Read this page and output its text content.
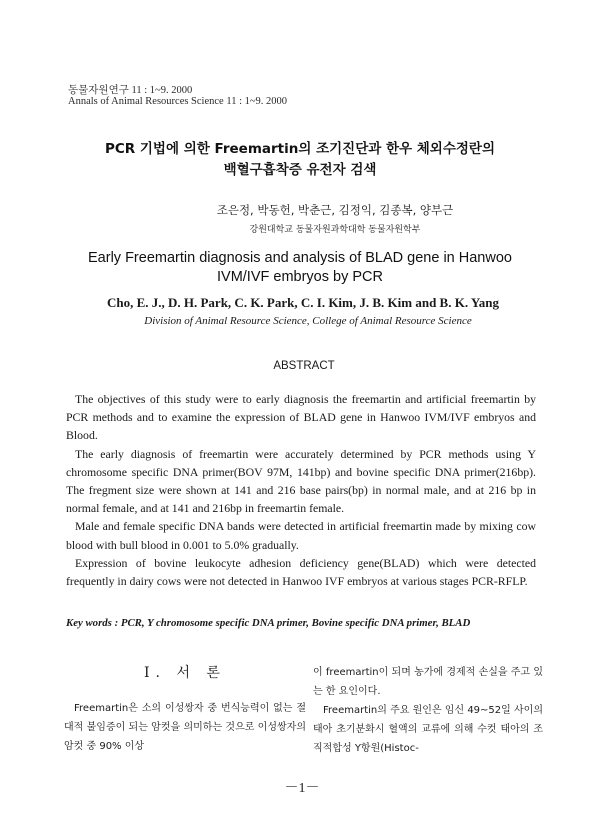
동물자원연구 11 : 1~9. 2000
Annals of Animal Resources Science 11 : 1~9. 2000
PCR 기법에 의한 Freemartin의 조기진단과 한우 체외수정란의
백혈구흡착증 유전자 검색
조은정, 박동헌, 박춘근, 김정익, 김종복, 양부근
강원대학교 동물자원과학대학 동물자원학부
Early Freemartin diagnosis and analysis of BLAD gene in Hanwoo
IVM/IVF embryos by PCR
Cho, E. J., D. H. Park, C. K. Park, C. I. Kim, J. B. Kim and B. K. Yang
Division of Animal Resource Science, College of Animal Resource Science
ABSTRACT

The objectives of this study were to early diagnosis the freemartin and artificial freemartin by PCR methods and to examine the expression of BLAD gene in Hanwoo IVM/IVF embryos and Blood.

The early diagnosis of freemartin were accurately determined by PCR methods using Y chromosome specific DNA primer(BOV 97M, 141bp) and bovine specific DNA primer(216bp). The fregment size were shown at 141 and 216 base pairs(bp) in normal male, and at 216 bp in normal female, and at 141 and 216bp in freemartin female.

Male and female specific DNA bands were detected in artificial freemartin made by mixing cow blood with bull blood in 0.001 to 5.0% gradually.

Expression of bovine leukocyte adhesion deficiency gene(BLAD) which were detected frequently in dairy cows were not detected in Hanwoo IVF embryos at various stages PCR-RFLP.

Key words : PCR, Y chromosome specific DNA primer, Bovine specific DNA primer, BLAD
Ⅰ. 서 론

Freemartin은 소의 이성쌍자 중 번식능력이 없는 절대적 불임증이 되는 암컷을 의미하는 것으로 이성쌍자의 암컷 중 90% 이상

이 freemartin이 되며 농가에 경제적 손실을 주고 있는 한 요인이다.

Freemartin의 주요 원인은 임신 49~52일 사이의 태아 초기분화시 혈액의 교류에 의해 수컷 태아의 조직적합성 Y항원(Histoc-

－1－
